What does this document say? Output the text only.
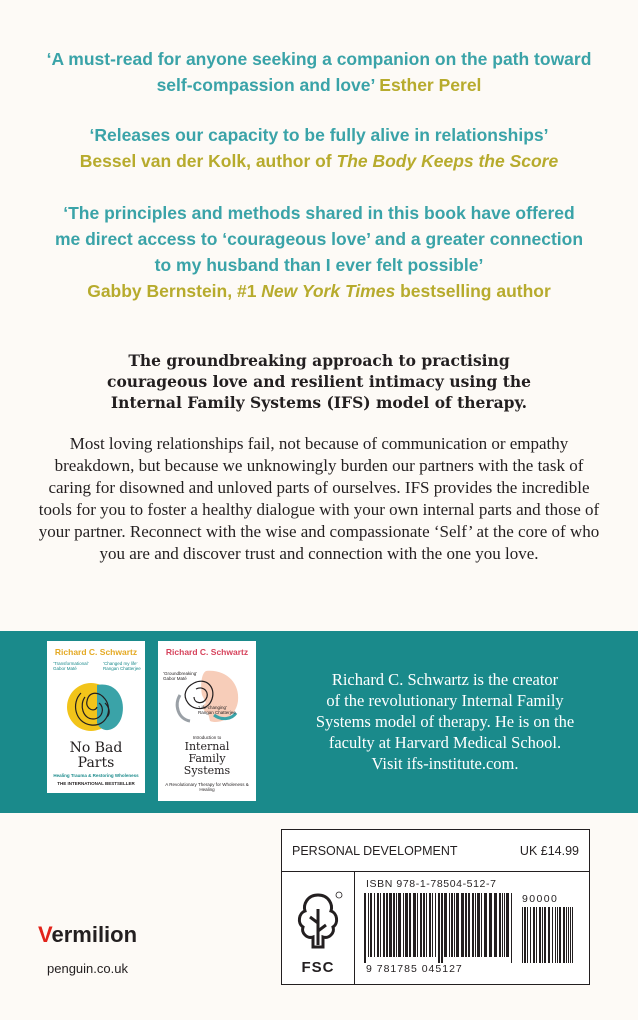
‘A must-read for anyone seeking a companion on the path toward
self-compassion and love’ Esther Perel
‘Releases our capacity to be fully alive in relationships’
Bessel van der Kolk, author of The Body Keeps the Score
‘The principles and methods shared in this book have offered
me direct access to ‘courageous love’ and a greater connection
to my husband than I ever felt possible’
Gabby Bernstein, #1 New York Times bestselling author
The groundbreaking approach to practising
courageous love and resilient intimacy using the
Internal Family Systems (IFS) model of therapy.
Most loving relationships fail, not because of communication or empathy breakdown, but because we unknowingly burden our partners with the task of caring for disowned and unloved parts of ourselves. IFS provides the incredible tools for you to foster a healthy dialogue with your own internal parts and those of your partner. Reconnect with the wise and compassionate ‘Self’ at the core of who you are and discover trust and connection with the one you love.
Richard C. Schwartz
‘Transformational’
Gabor Maté
‘Changed my life’
Rangan Chatterjee
No Bad
Parts
Healing Trauma & Restoring Wholeness
THE INTERNATIONAL BESTSELLER
Richard C. Schwartz
‘Groundbreaking’
Gabor Maté
‘Life-changing’
Rangan Chatterjee
Introduction to
Internal
Family
Systems
A Revolutionary Therapy for Wholeness & Healing
Richard C. Schwartz is the creator
of the revolutionary Internal Family
Systems model of therapy. He is on the
faculty at Harvard Medical School.
Visit ifs-institute.com.
PERSONAL DEVELOPMENT	UK £14.99
FSC
ISBN 978-1-78504-512-7
9 781785 045127
90000
Vermilion
penguin.co.uk
